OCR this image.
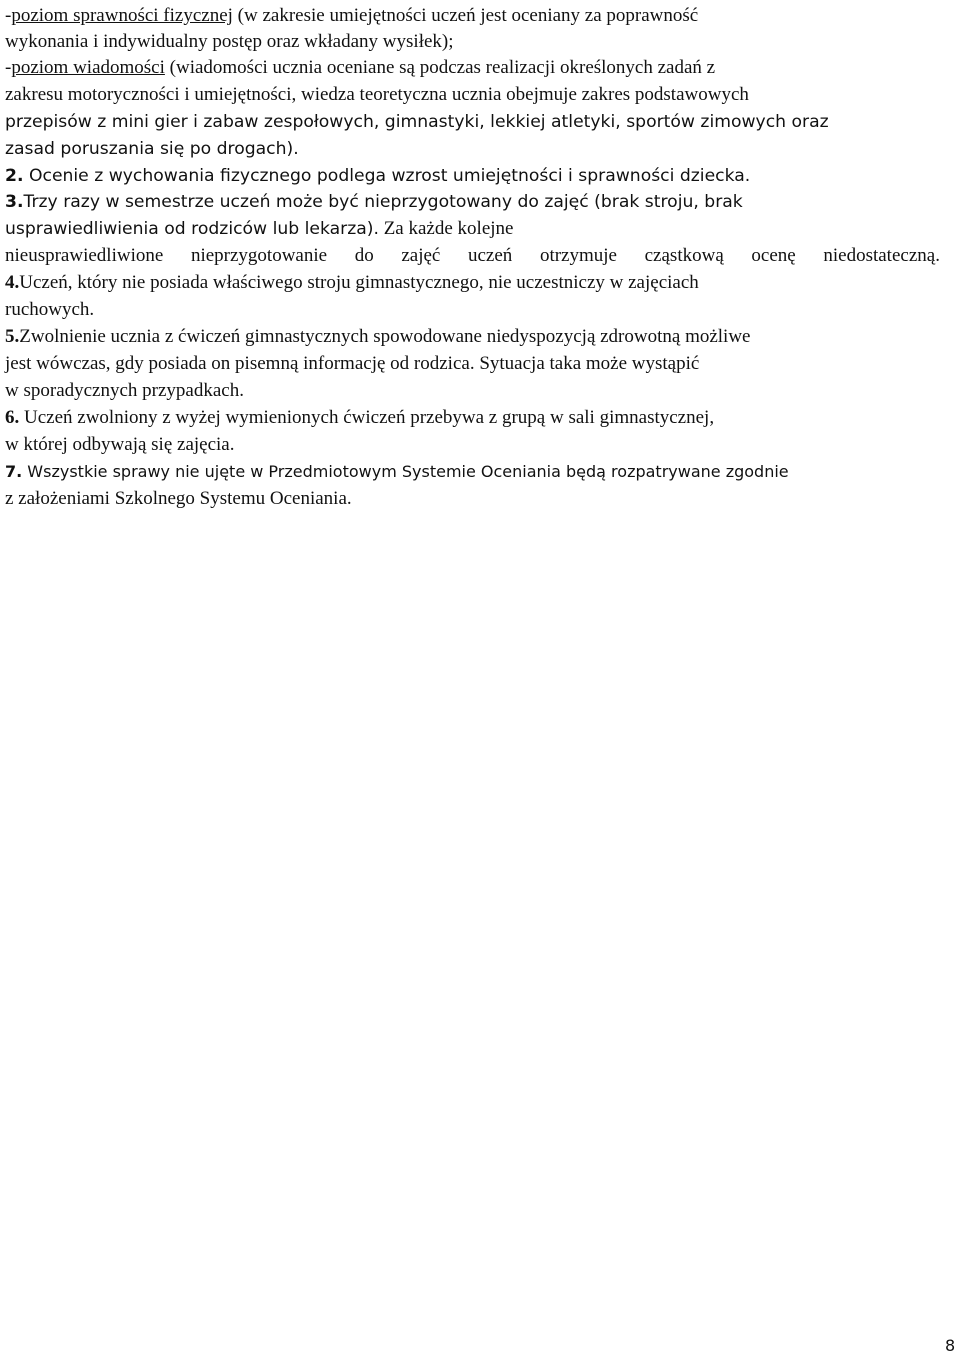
-poziom sprawności fizycznej (w zakresie umiejętności uczeń jest oceniany za poprawność
wykonania i indywidualny postęp oraz wkładany wysiłek);
-poziom wiadomości (wiadomości ucznia oceniane są podczas realizacji określonych zadań z
zakresu motoryczności i umiejętności, wiedza teoretyczna ucznia obejmuje zakres podstawowych
przepisów z mini gier i zabaw zespołowych, gimnastyki, lekkiej atletyki, sportów zimowych oraz
zasad poruszania się po drogach).
2. Ocenie z wychowania fizycznego podlega wzrost umiejętności i sprawności dziecka.
3.Trzy razy w semestrze uczeń może być nieprzygotowany do zajęć (brak stroju, brak
usprawiedliwienia od rodziców lub lekarza). Za każde kolejne
nieusprawiedliwione nieprzygotowanie do zajęć uczeń otrzymuje cząstkową ocenę niedostateczną.
4.Uczeń, który nie posiada właściwego stroju gimnastycznego, nie uczestniczy w zajęciach
ruchowych.
5.Zwolnienie ucznia z ćwiczeń gimnastycznych spowodowane niedyspozycją zdrowotną możliwe
jest wówczas, gdy posiada on pisemną informację od rodzica. Sytuacja taka może wystąpić
w sporadycznych przypadkach.
6. Uczeń zwolniony z wyżej wymienionych ćwiczeń przebywa z grupą w sali gimnastycznej,
w której odbywają się zajęcia.
7. Wszystkie sprawy nie ujęte w Przedmiotowym Systemie Oceniania będą rozpatrywane zgodnie
z założeniami Szkolnego Systemu Oceniania.
8
